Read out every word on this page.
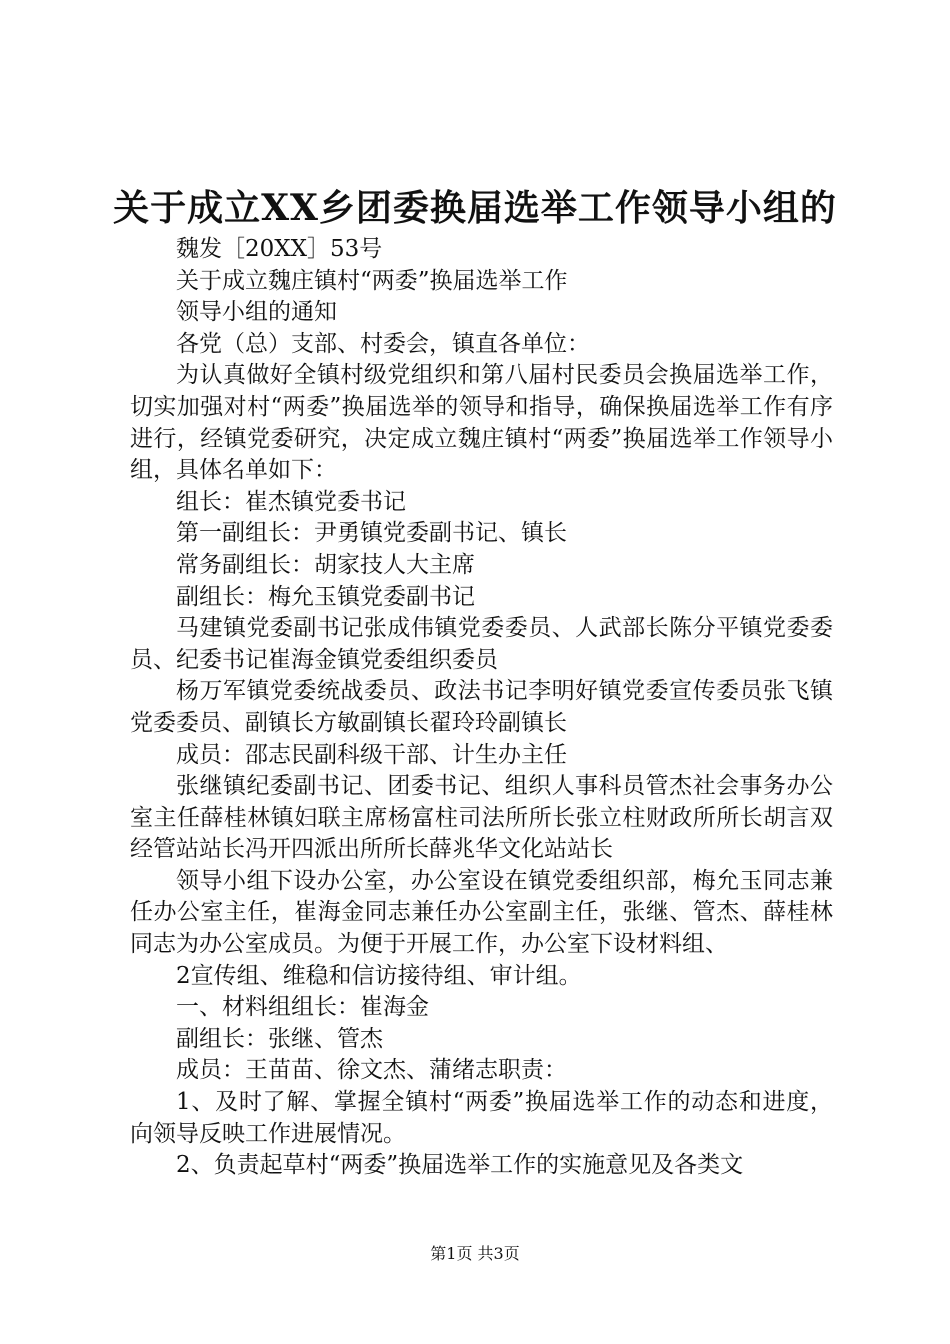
关于成立XX乡团委换届选举工作领导小组的

魏发［20XX］53号

关于成立魏庄镇村“两委”换届选举工作

领导小组的通知

各党（总）支部、村委会，镇直各单位：

为认真做好全镇村级党组织和第八届村民委员会换届选举工作，切实加强对村“两委”换届选举的领导和指导，确保换届选举工作有序进行，经镇党委研究，决定成立魏庄镇村“两委”换届选举工作领导小组，具体名单如下：

组长：崔杰镇党委书记

第一副组长：尹勇镇党委副书记、镇长

常务副组长：胡家技人大主席

副组长：梅允玉镇党委副书记

马建镇党委副书记张成伟镇党委委员、人武部长陈分平镇党委委员、纪委书记崔海金镇党委组织委员

杨万军镇党委统战委员、政法书记李明好镇党委宣传委员张飞镇党委委员、副镇长方敏副镇长翟玲玲副镇长

成员：邵志民副科级干部、计生办主任

张继镇纪委副书记、团委书记、组织人事科员管杰社会事务办公室主任薛桂林镇妇联主席杨富柱司法所所长张立柱财政所所长胡言双经管站站长冯开四派出所所长薛兆华文化站站长

领导小组下设办公室，办公室设在镇党委组织部，梅允玉同志兼任办公室主任，崔海金同志兼任办公室副主任，张继、管杰、薛桂林同志为办公室成员。为便于开展工作，办公室下设材料组、

2宣传组、维稳和信访接待组、审计组。

一、材料组组长：崔海金

副组长：张继、管杰

成员：王苗苗、徐文杰、蒲绪志职责：

1、及时了解、掌握全镇村“两委”换届选举工作的动态和进度，向领导反映工作进展情况。

2、负责起草村“两委”换届选举工作的实施意见及各类文

第1页 共3页
